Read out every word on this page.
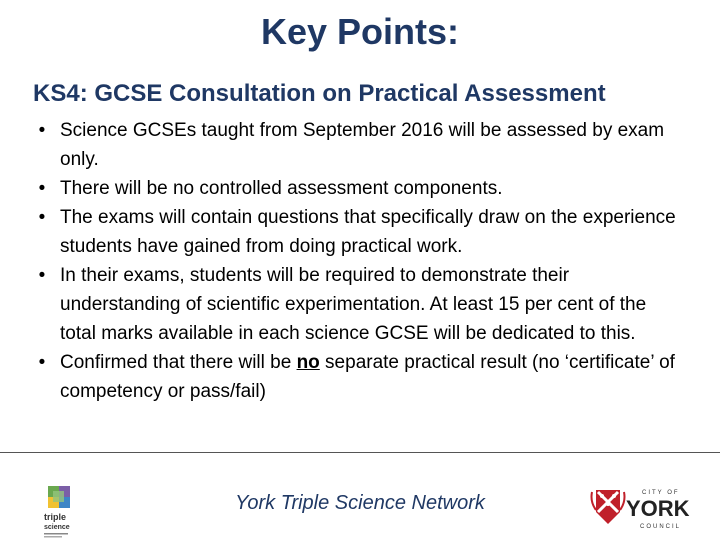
Key Points:
KS4: GCSE Consultation on Practical Assessment
• Science GCSEs taught from September 2016 will be assessed by exam only.
• There will be no controlled assessment components.
• The exams will contain questions that specifically draw on the experience students have gained from doing practical work.
• In their exams, students will be required to demonstrate their understanding of scientific experimentation. At least 15 per cent of the total marks available in each science GCSE will be dedicated to this.
• Confirmed that there will be no separate practical result (no ‘certificate’ of competency or pass/fail)
triple
science
York Triple Science Network	CITY OF
YORK
COUNCIL
